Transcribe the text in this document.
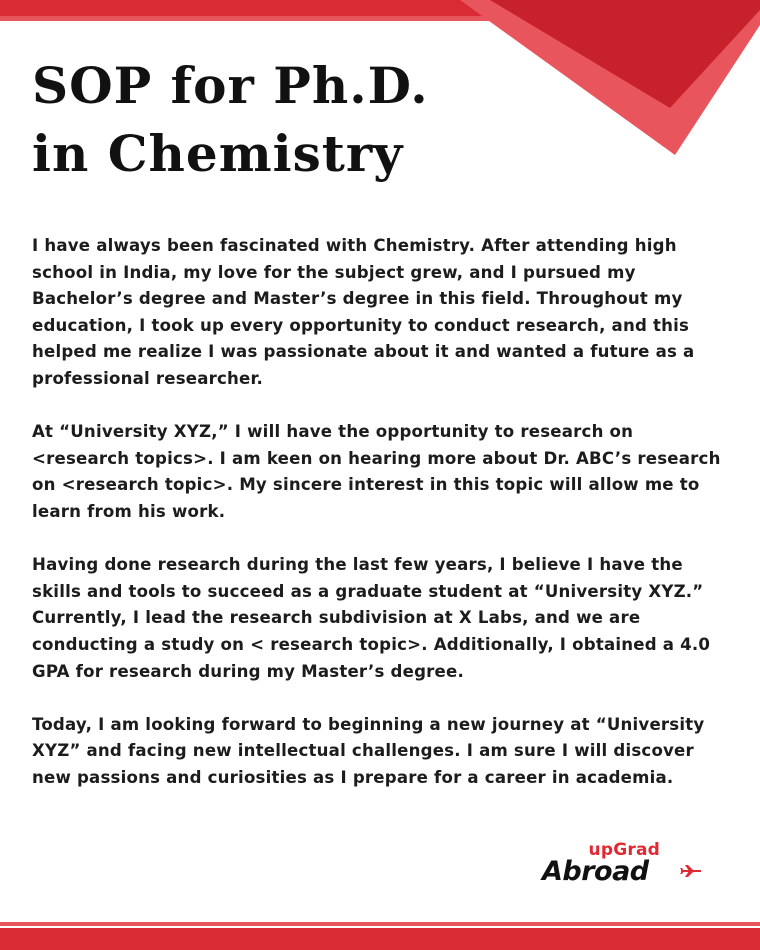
SOP for Ph.D.
in Chemistry

I have always been fascinated with Chemistry. After attending high school in India, my love for the subject grew, and I pursued my Bachelor’s degree and Master’s degree in this field. Throughout my education, I took up every opportunity to conduct research, and this helped me realize I was passionate about it and wanted a future as a professional researcher.

At “University XYZ,” I will have the opportunity to research on <research topics>. I am keen on hearing more about Dr. ABC’s research on <research topic>. My sincere interest in this topic will allow me to learn from his work.

Having done research during the last few years, I believe I have the skills and tools to succeed as a graduate student at “University XYZ.” Currently, I lead the research subdivision at X Labs, and we are conducting a study on < research topic>. Additionally, I obtained a 4.0 GPA for research during my Master’s degree.

Today, I am looking forward to beginning a new journey at “University XYZ” and facing new intellectual challenges. I am sure I will discover new passions and curiosities as I prepare for a career in academia.

upGrad
Abroad
